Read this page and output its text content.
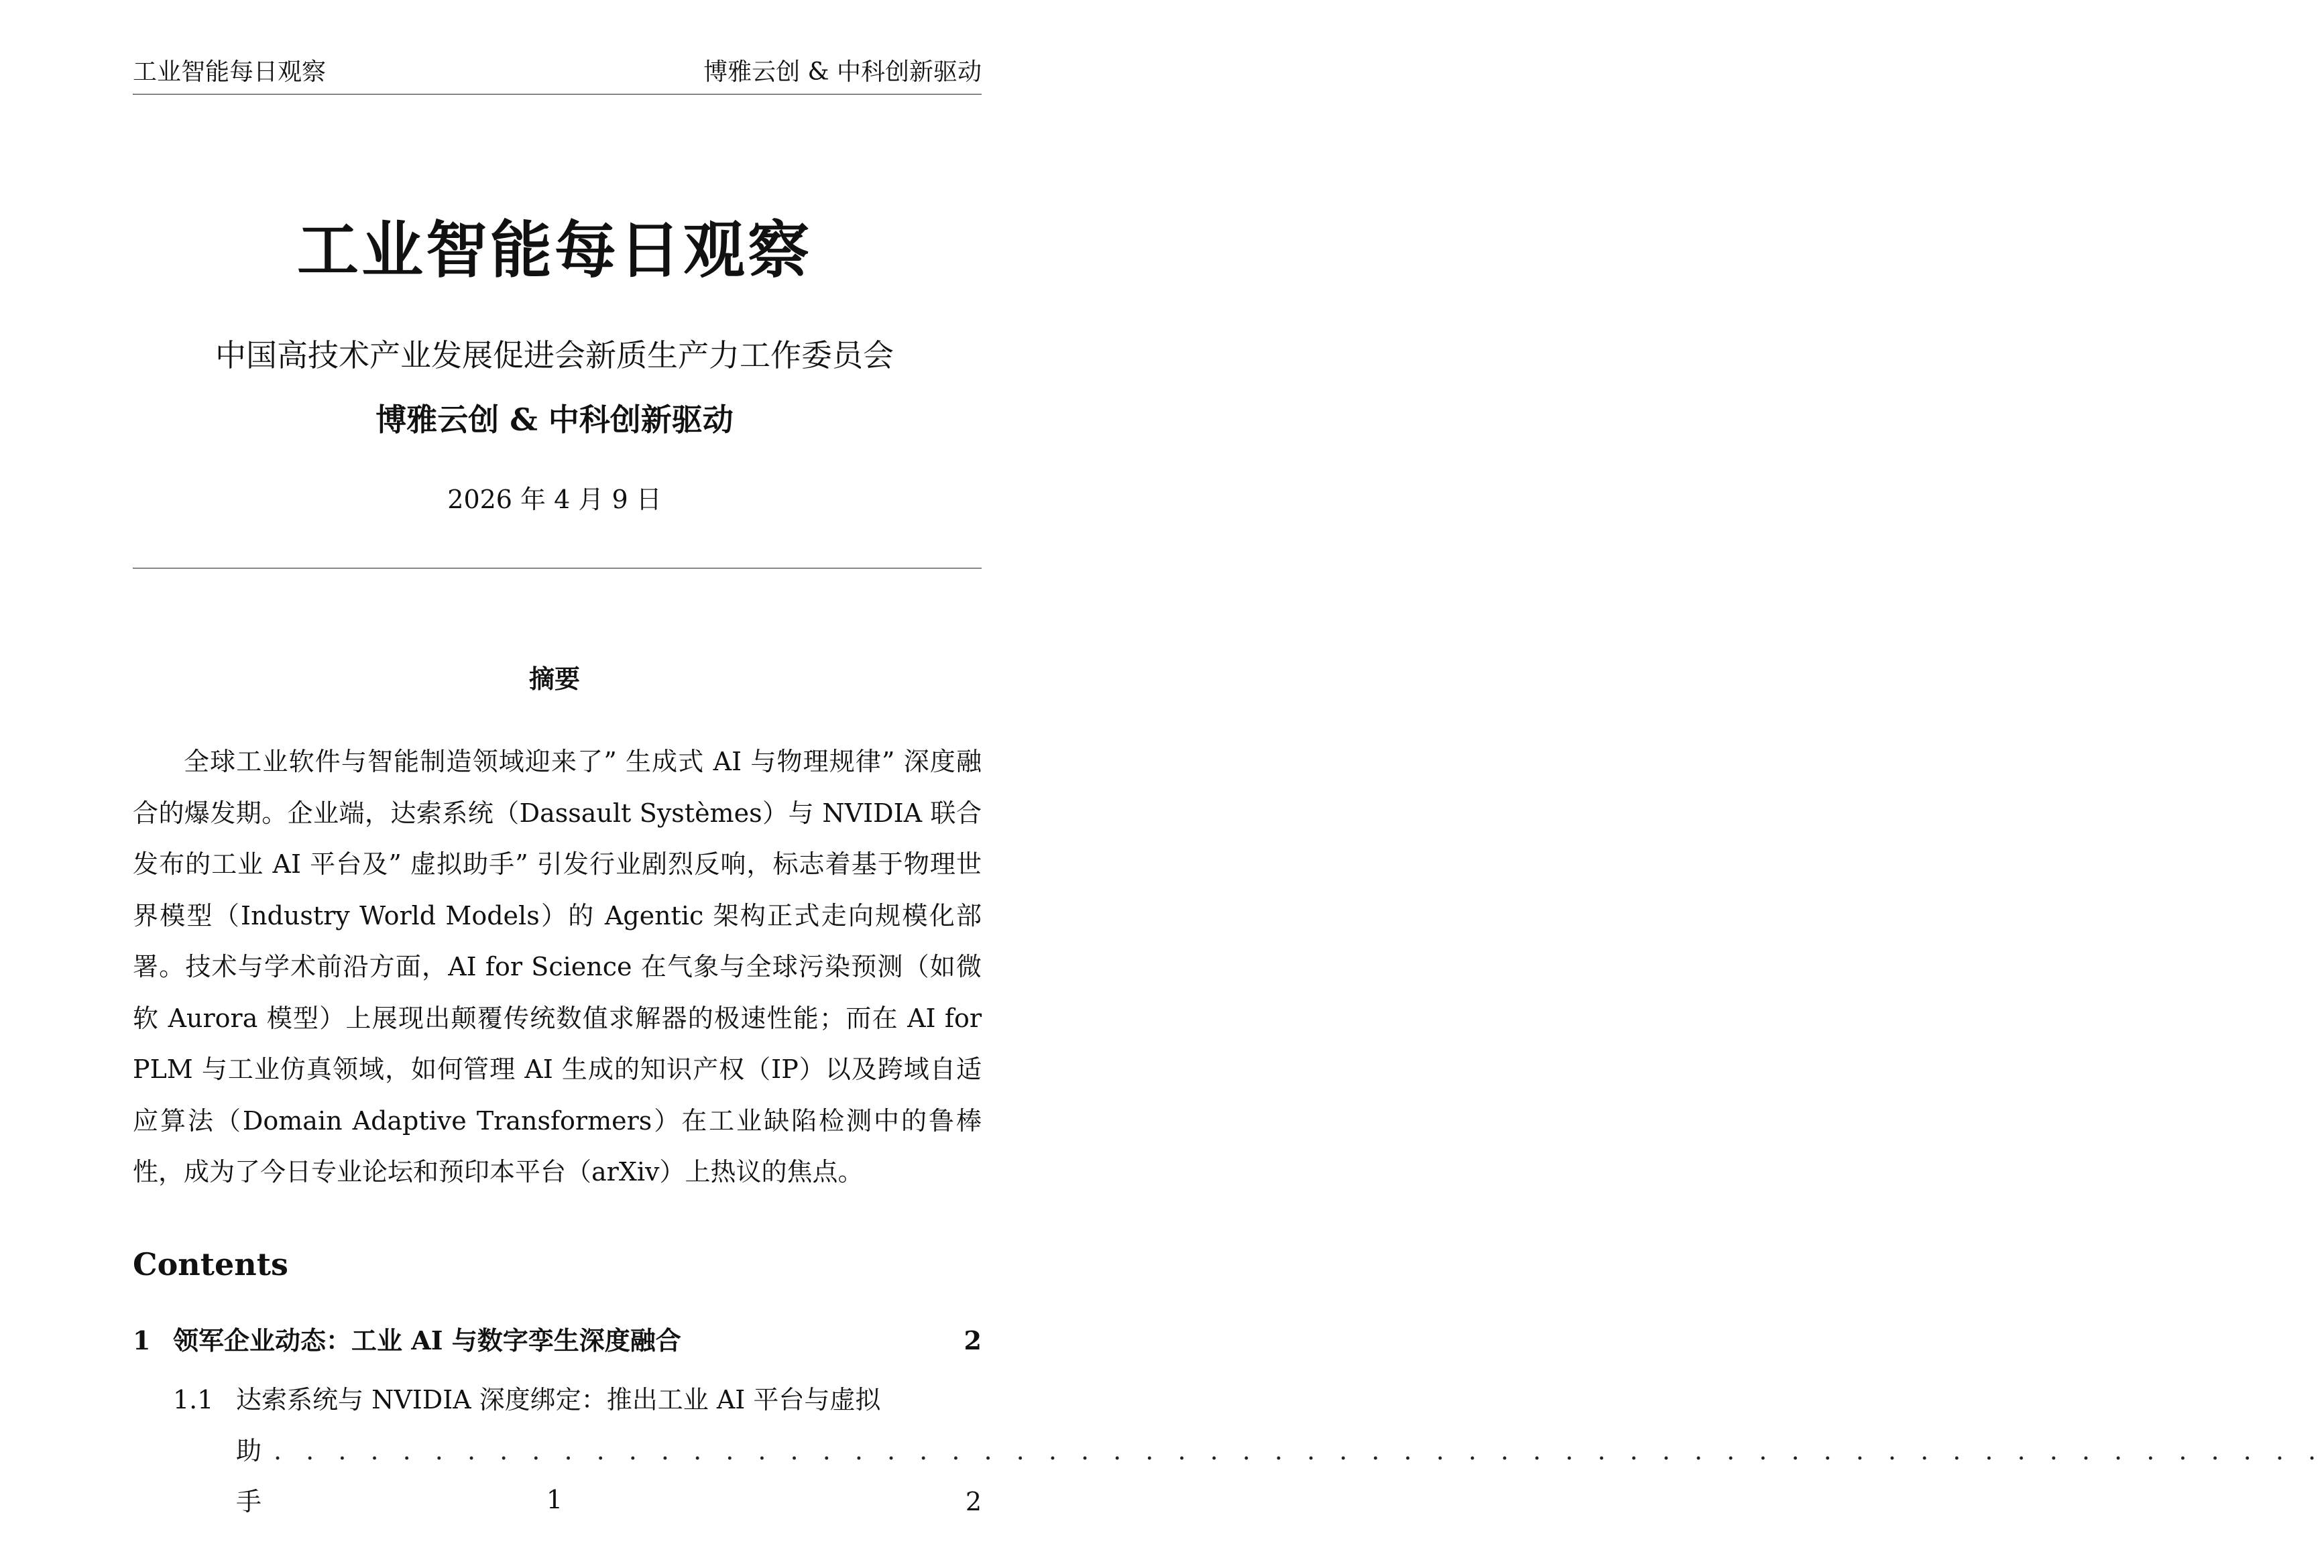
工业智能每日观察	博雅云创 & 中科创新驱动
工业智能每日观察
中国高技术产业发展促进会新质生产力工作委员会
博雅云创 & 中科创新驱动
2026 年 4 月 9 日
摘要

全球工业软件与智能制造领域迎来了” 生成式 AI 与物理规律” 深度融合的爆发期。企业端，达索系统（Dassault Systèmes）与 NVIDIA 联合发布的工业 AI 平台及” 虚拟助手” 引发行业剧烈反响，标志着基于物理世界模型（Industry World Models）的 Agentic 架构正式走向规模化部署。技术与学术前沿方面，AI for Science 在气象与全球污染预测（如微软 Aurora 模型）上展现出颠覆传统数值求解器的极速性能；而在 AI for PLM 与工业仿真领域，如何管理 AI 生成的知识产权（IP）以及跨域自适应算法（Domain Adaptive Transformers）在工业缺陷检测中的鲁棒性，成为了今日专业论坛和预印本平台（arXiv）上热议的焦点。

Contents
1 领军企业动态：工业 AI 与数字孪生深度融合	2
1.1 达索系统与 NVIDIA 深度绑定：推出工业 AI 平台与虚拟
助手
. . . . . . . . . . . . . . . . . . . . . . . . . . . . . . . . . . . . . . . . . . . . . . . . . . . . . . . . . . . . . . . .
2
1
